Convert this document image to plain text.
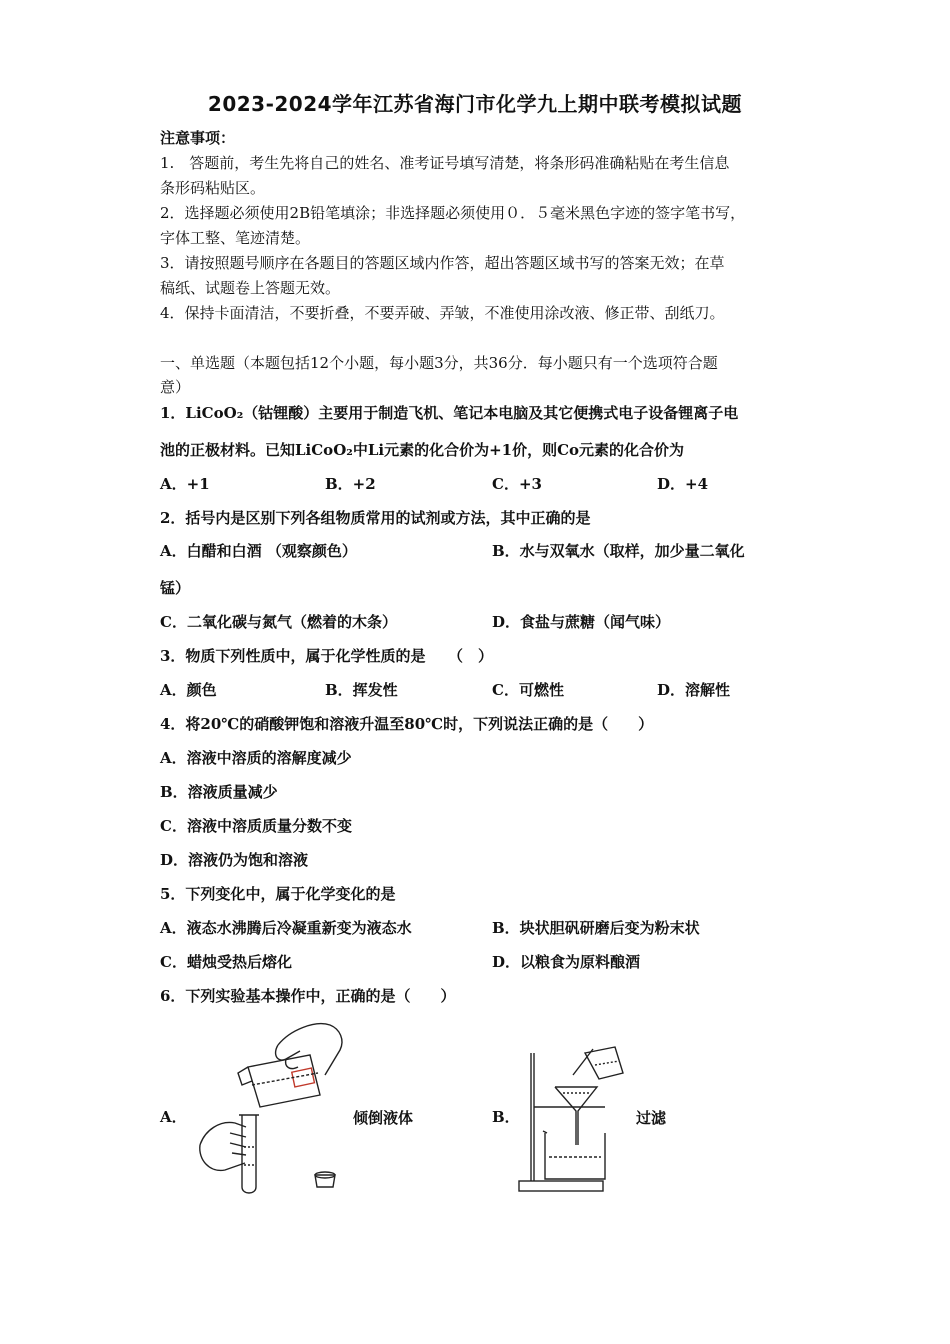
2023-2024学年江苏省海门市化学九上期中联考模拟试题
注意事项：
1.　答题前，考生先将自己的姓名、准考证号填写清楚，将条形码准确粘贴在考生信息
条形码粘贴区。
2．选择题必须使用2B铅笔填涂；非选择题必须使用０．５毫米黑色字迹的签字笔书写，
字体工整、笔迹清楚。
3．请按照题号顺序在各题目的答题区域内作答，超出答题区域书写的答案无效；在草
稿纸、试题卷上答题无效。
4．保持卡面清洁，不要折叠，不要弄破、弄皱，不准使用涂改液、修正带、刮纸刀。
一、单选题（本题包括12个小题，每小题3分，共36分．每小题只有一个选项符合题
意）
1．LiCoO₂（钴锂酸）主要用于制造飞机、笔记本电脑及其它便携式电子设备锂离子电
池的正极材料。已知LiCoO₂中Li元素的化合价为+1价，则Co元素的化合价为
A．+1	B．+2	C．+3	D．+4
2．括号内是区别下列各组物质常用的试剂或方法，其中正确的是
A．白醋和白酒 （观察颜色）	B．水与双氧水（取样，加少量二氧化
锰）
C．二氧化碳与氮气（燃着的木条）	D．食盐与蔗糖（闻气味）
3．物质下列性质中，属于化学性质的是　　（　）
A．颜色	B．挥发性	C．可燃性	D．溶解性
4．将20℃的硝酸钾饱和溶液升温至80℃时，下列说法正确的是（　　）
A．溶液中溶质的溶解度减少
B．溶液质量减少
C．溶液中溶质质量分数不变
D．溶液仍为饱和溶液
5．下列变化中，属于化学变化的是
A．液态水沸腾后冷凝重新变为液态水	B．块状胆矾研磨后变为粉末状
C．蜡烛受热后熔化	D．以粮食为原料酿酒
6．下列实验基本操作中，正确的是（　　）
A．	倾倒液体	B．	过滤
